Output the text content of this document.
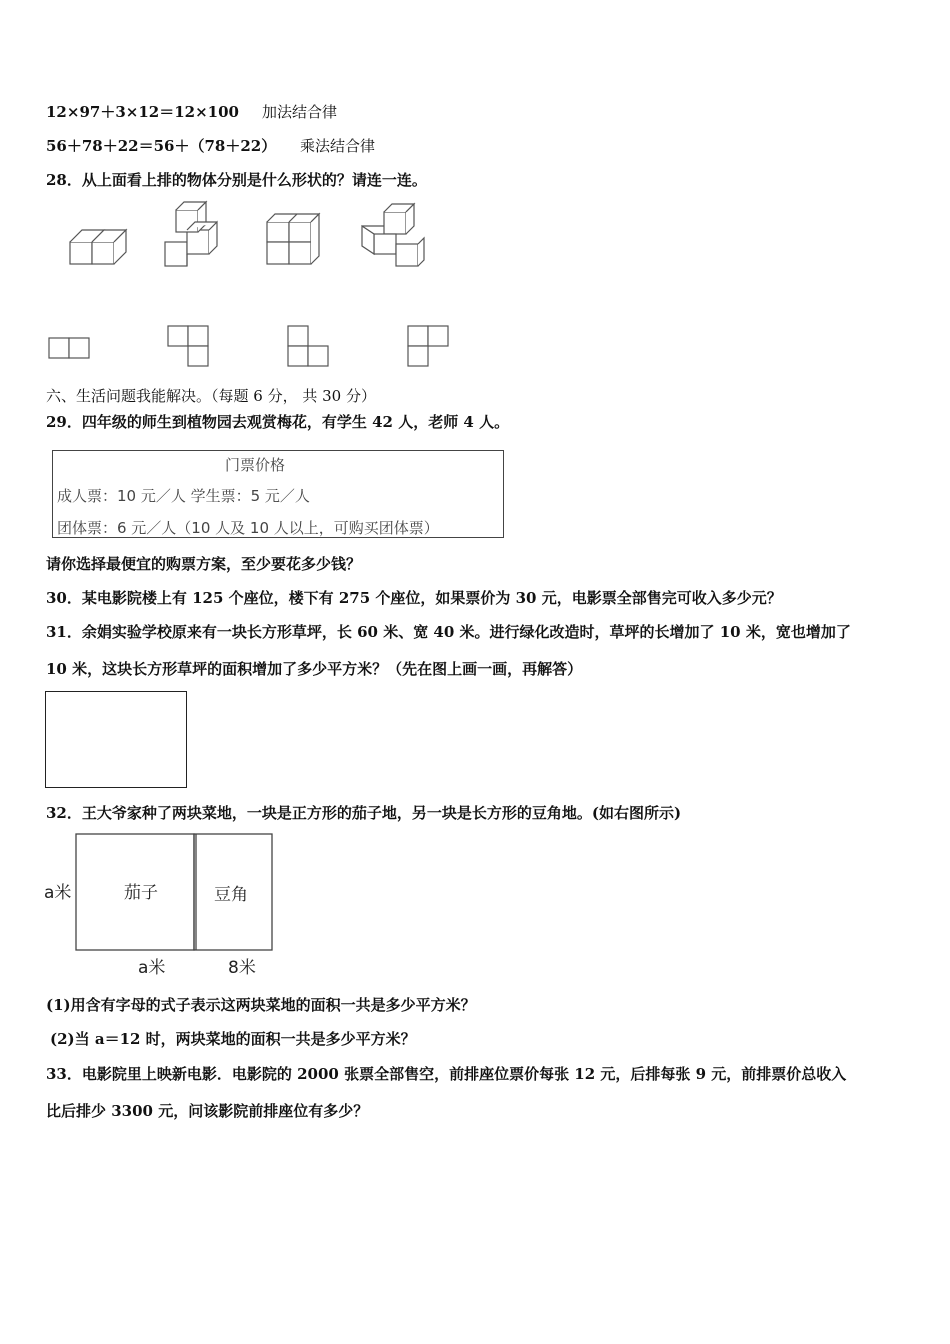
12×97＋3×12＝12×100 加法结合律
56＋78＋22＝56＋（78＋22） 乘法结合律
28．从上面看上排的物体分别是什么形状的？请连一连。
六、生活问题我能解决。（每题 6 分， 共 30 分）
29．四年级的师生到植物园去观赏梅花，有学生 42 人，老师 4 人。
门票价格
成人票：10 元／人 学生票：5 元／人
团体票：6 元／人（10 人及 10 人以上，可购买团体票）
请你选择最便宜的购票方案，至少要花多少钱？
30．某电影院楼上有 125 个座位，楼下有 275 个座位，如果票价为 30 元，电影票全部售完可收入多少元？
31．余娟实验学校原来有一块长方形草坪，长 60 米、宽 40 米。进行绿化改造时，草坪的长增加了 10 米，宽也增加了
10 米，这块长方形草坪的面积增加了多少平方米？（先在图上画一画，再解答）
32．王大爷家种了两块菜地，一块是正方形的茄子地，另一块是长方形的豆角地。(如右图所示)
a米	茄子	豆角
a米	8米
(1)用含有字母的式子表示这两块菜地的面积一共是多少平方米？
(2)当 a＝12 时，两块菜地的面积一共是多少平方米？
33．电影院里上映新电影．电影院的 2000 张票全部售空，前排座位票价每张 12 元，后排每张 9 元，前排票价总收入
比后排少 3300 元，问该影院前排座位有多少？
